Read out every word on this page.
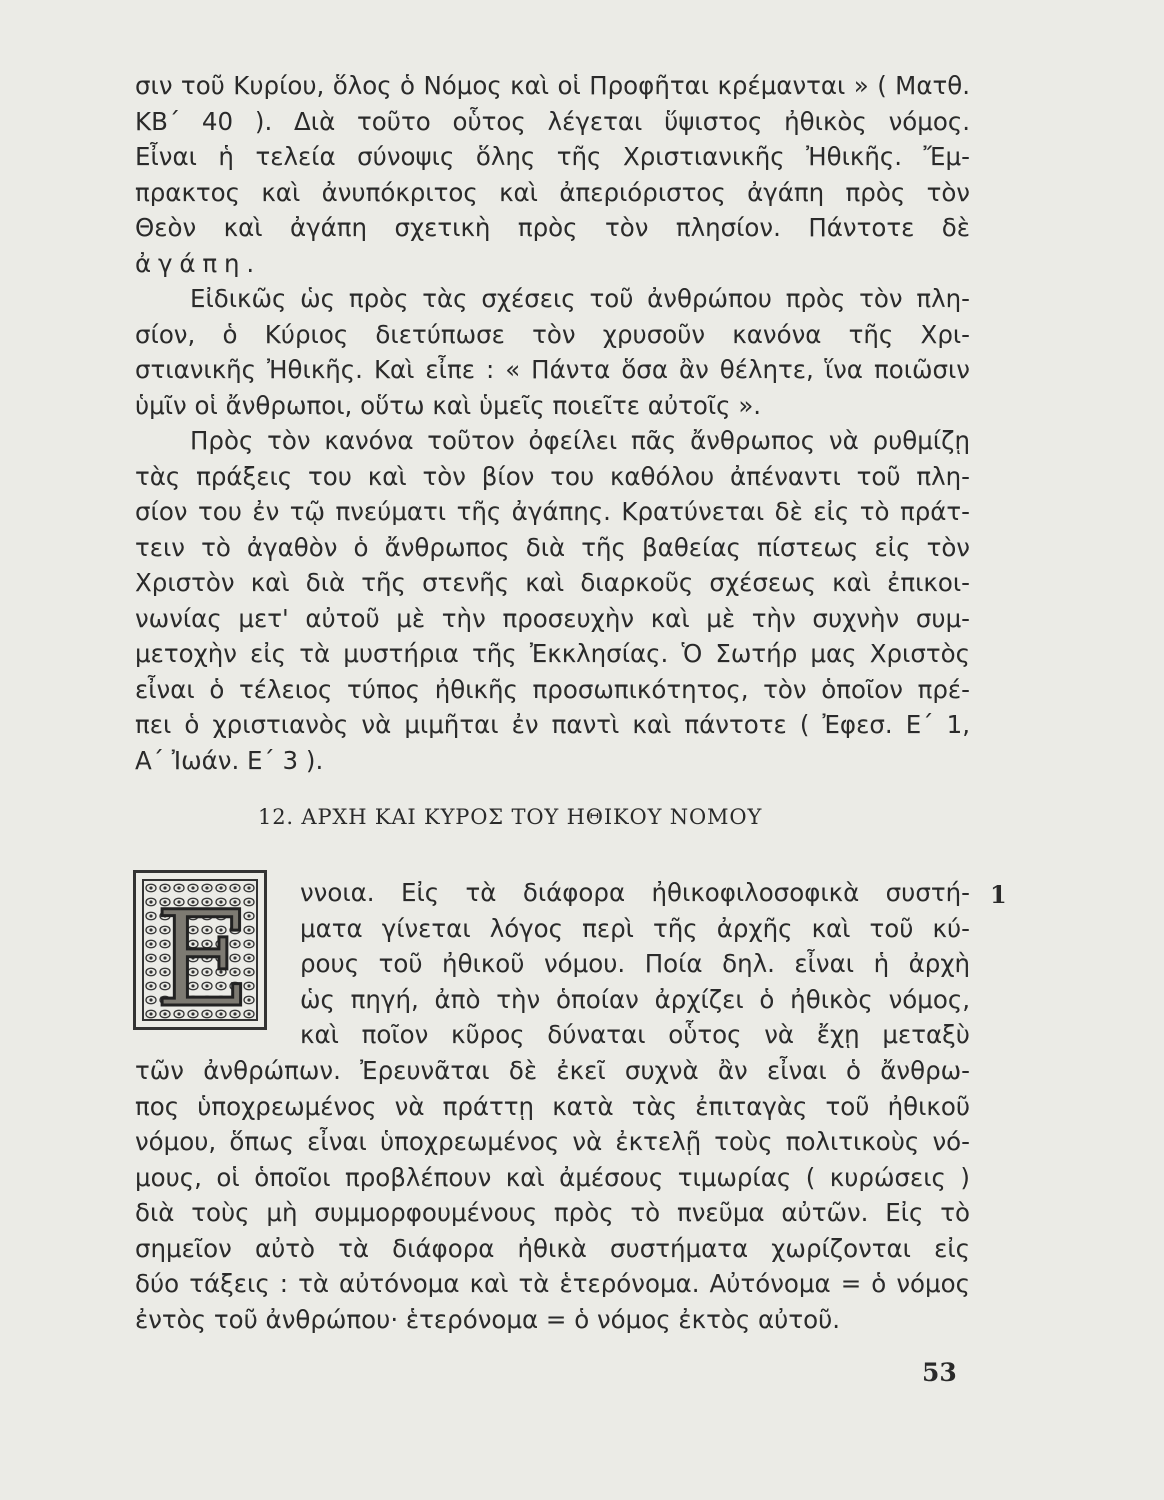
σιν τοῦ Κυρίου, ὅλος ὁ Νόμος καὶ οἱ Προφῆται κρέμανται » ( Ματθ.
ΚΒ΄ 40 ). Διὰ τοῦτο οὗτος λέγεται ὕψιστος ἠθικὸς νόμος.
Εἶναι ἡ τελεία σύνοψις ὅλης τῆς Χριστιανικῆς Ἠθικῆς. Ἔμ-
πρακτος καὶ ἀνυπόκριτος καὶ ἀπεριόριστος ἀγάπη πρὸς τὸν
Θεὸν καὶ ἀγάπη σχετικὴ πρὸς τὸν πλησίον. Πάντοτε δὲ
ἀγάπη.
Εἰδικῶς ὡς πρὸς τὰς σχέσεις τοῦ ἀνθρώπου πρὸς τὸν πλη-
σίον, ὁ Κύριος διετύπωσε τὸν χρυσοῦν κανόνα τῆς Χρι-
στιανικῆς Ἠθικῆς. Καὶ εἶπε : « Πάντα ὅσα ἂν θέλητε, ἵνα ποιῶσιν
ὑμῖν οἱ ἄνθρωποι, οὕτω καὶ ὑμεῖς ποιεῖτε αὐτοῖς ».
Πρὸς τὸν κανόνα τοῦτον ὀφείλει πᾶς ἄνθρωπος νὰ ρυθμίζῃ
τὰς πράξεις του καὶ τὸν βίον του καθόλου ἀπέναντι τοῦ πλη-
σίον του ἐν τῷ πνεύματι τῆς ἀγάπης. Κρατύνεται δὲ εἰς τὸ πράτ-
τειν τὸ ἀγαθὸν ὁ ἄνθρωπος διὰ τῆς βαθείας πίστεως εἰς τὸν
Χριστὸν καὶ διὰ τῆς στενῆς καὶ διαρκοῦς σχέσεως καὶ ἐπικοι-
νωνίας μετ' αὐτοῦ μὲ τὴν προσευχὴν καὶ μὲ τὴν συχνὴν συμ-
μετοχὴν εἰς τὰ μυστήρια τῆς Ἐκκλησίας. Ὁ Σωτήρ μας Χριστὸς
εἶναι ὁ τέλειος τύπος ἠθικῆς προσωπικότητος, τὸν ὁποῖον πρέ-
πει ὁ χριστιανὸς νὰ μιμῆται ἐν παντὶ καὶ πάντοτε ( Ἐφεσ. Ε΄ 1,
Α΄ Ἰωάν. Ε΄ 3 ).
12. ΑΡΧΗ ΚΑΙ ΚΥΡΟΣ ΤΟΥ ΗΘΙΚΟΥ ΝΟΜΟΥ
Ε ννοια. Εἰς τὰ διάφορα ἠθικοφιλοσοφικὰ συστή-
ματα γίνεται λόγος περὶ τῆς ἀρχῆς καὶ τοῦ κύ-
ρους τοῦ ἠθικοῦ νόμου. Ποία δηλ. εἶναι ἡ ἀρχὴ
ὡς πηγή, ἀπὸ τὴν ὁποίαν ἀρχίζει ὁ ἠθικὸς νόμος,
καὶ ποῖον κῦρος δύναται οὗτος νὰ ἔχῃ μεταξὺ
τῶν ἀνθρώπων. Ἐρευνᾶται δὲ ἐκεῖ συχνὰ ἂν εἶναι ὁ ἄνθρω-
πος ὑποχρεωμένος νὰ πράττῃ κατὰ τὰς ἐπιταγὰς τοῦ ἠθικοῦ
νόμου, ὅπως εἶναι ὑποχρεωμένος νὰ ἐκτελῇ τοὺς πολιτικοὺς νό-
μους, οἱ ὁποῖοι προβλέπουν καὶ ἀμέσους τιμωρίας ( κυρώσεις )
διὰ τοὺς μὴ συμμορφουμένους πρὸς τὸ πνεῦμα αὐτῶν. Εἰς τὸ
σημεῖον αὐτὸ τὰ διάφορα ἠθικὰ συστήματα χωρίζονται εἰς
δύο τάξεις : τὰ αὐτόνομα καὶ τὰ ἑτερόνομα. Αὐτόνομα = ὁ νόμος
ἐντὸς τοῦ ἀνθρώπου· ἑτερόνομα = ὁ νόμος ἐκτὸς αὐτοῦ.
1
53
